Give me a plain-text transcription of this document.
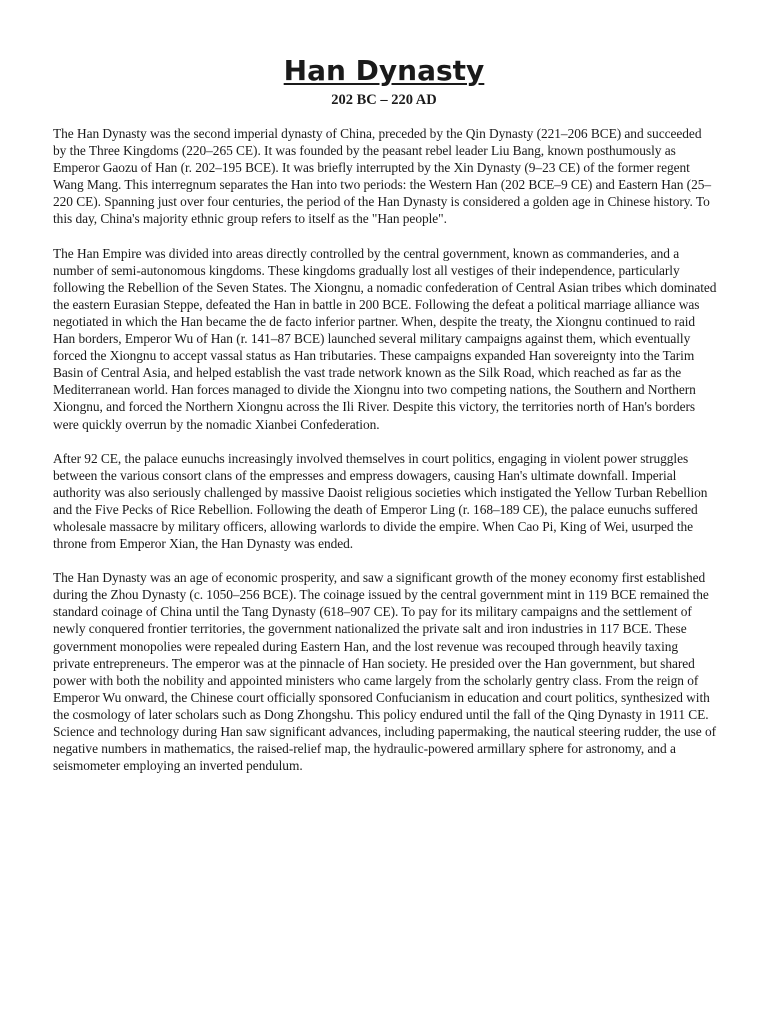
Han Dynasty
202 BC – 220 AD

The Han Dynasty was the second imperial dynasty of China, preceded by the Qin Dynasty (221–206 BCE) and succeeded by the Three Kingdoms (220–265 CE). It was founded by the peasant rebel leader Liu Bang, known posthumously as Emperor Gaozu of Han (r. 202–195 BCE). It was briefly interrupted by the Xin Dynasty (9–23 CE) of the former regent Wang Mang. This interregnum separates the Han into two periods: the Western Han (202 BCE–9 CE) and Eastern Han (25–220 CE). Spanning just over four centuries, the period of the Han Dynasty is considered a golden age in Chinese history. To this day, China's majority ethnic group refers to itself as the "Han people".

The Han Empire was divided into areas directly controlled by the central government, known as commanderies, and a number of semi-autonomous kingdoms. These kingdoms gradually lost all vestiges of their independence, particularly following the Rebellion of the Seven States. The Xiongnu, a nomadic confederation of Central Asian tribes which dominated the eastern Eurasian Steppe, defeated the Han in battle in 200 BCE. Following the defeat a political marriage alliance was negotiated in which the Han became the de facto inferior partner. When, despite the treaty, the Xiongnu continued to raid Han borders, Emperor Wu of Han (r. 141–87 BCE) launched several military campaigns against them, which eventually forced the Xiongnu to accept vassal status as Han tributaries. These campaigns expanded Han sovereignty into the Tarim Basin of Central Asia, and helped establish the vast trade network known as the Silk Road, which reached as far as the Mediterranean world. Han forces managed to divide the Xiongnu into two competing nations, the Southern and Northern Xiongnu, and forced the Northern Xiongnu across the Ili River. Despite this victory, the territories north of Han's borders were quickly overrun by the nomadic Xianbei Confederation.

After 92 CE, the palace eunuchs increasingly involved themselves in court politics, engaging in violent power struggles between the various consort clans of the empresses and empress dowagers, causing Han's ultimate downfall. Imperial authority was also seriously challenged by massive Daoist religious societies which instigated the Yellow Turban Rebellion and the Five Pecks of Rice Rebellion. Following the death of Emperor Ling (r. 168–189 CE), the palace eunuchs suffered wholesale massacre by military officers, allowing warlords to divide the empire. When Cao Pi, King of Wei, usurped the throne from Emperor Xian, the Han Dynasty was ended.

The Han Dynasty was an age of economic prosperity, and saw a significant growth of the money economy first established during the Zhou Dynasty (c. 1050–256 BCE). The coinage issued by the central government mint in 119 BCE remained the standard coinage of China until the Tang Dynasty (618–907 CE). To pay for its military campaigns and the settlement of newly conquered frontier territories, the government nationalized the private salt and iron industries in 117 BCE. These government monopolies were repealed during Eastern Han, and the lost revenue was recouped through heavily taxing private entrepreneurs. The emperor was at the pinnacle of Han society. He presided over the Han government, but shared power with both the nobility and appointed ministers who came largely from the scholarly gentry class. From the reign of Emperor Wu onward, the Chinese court officially sponsored Confucianism in education and court politics, synthesized with the cosmology of later scholars such as Dong Zhongshu. This policy endured until the fall of the Qing Dynasty in 1911 CE. Science and technology during Han saw significant advances, including papermaking, the nautical steering rudder, the use of negative numbers in mathematics, the raised-relief map, the hydraulic-powered armillary sphere for astronomy, and a seismometer employing an inverted pendulum.
